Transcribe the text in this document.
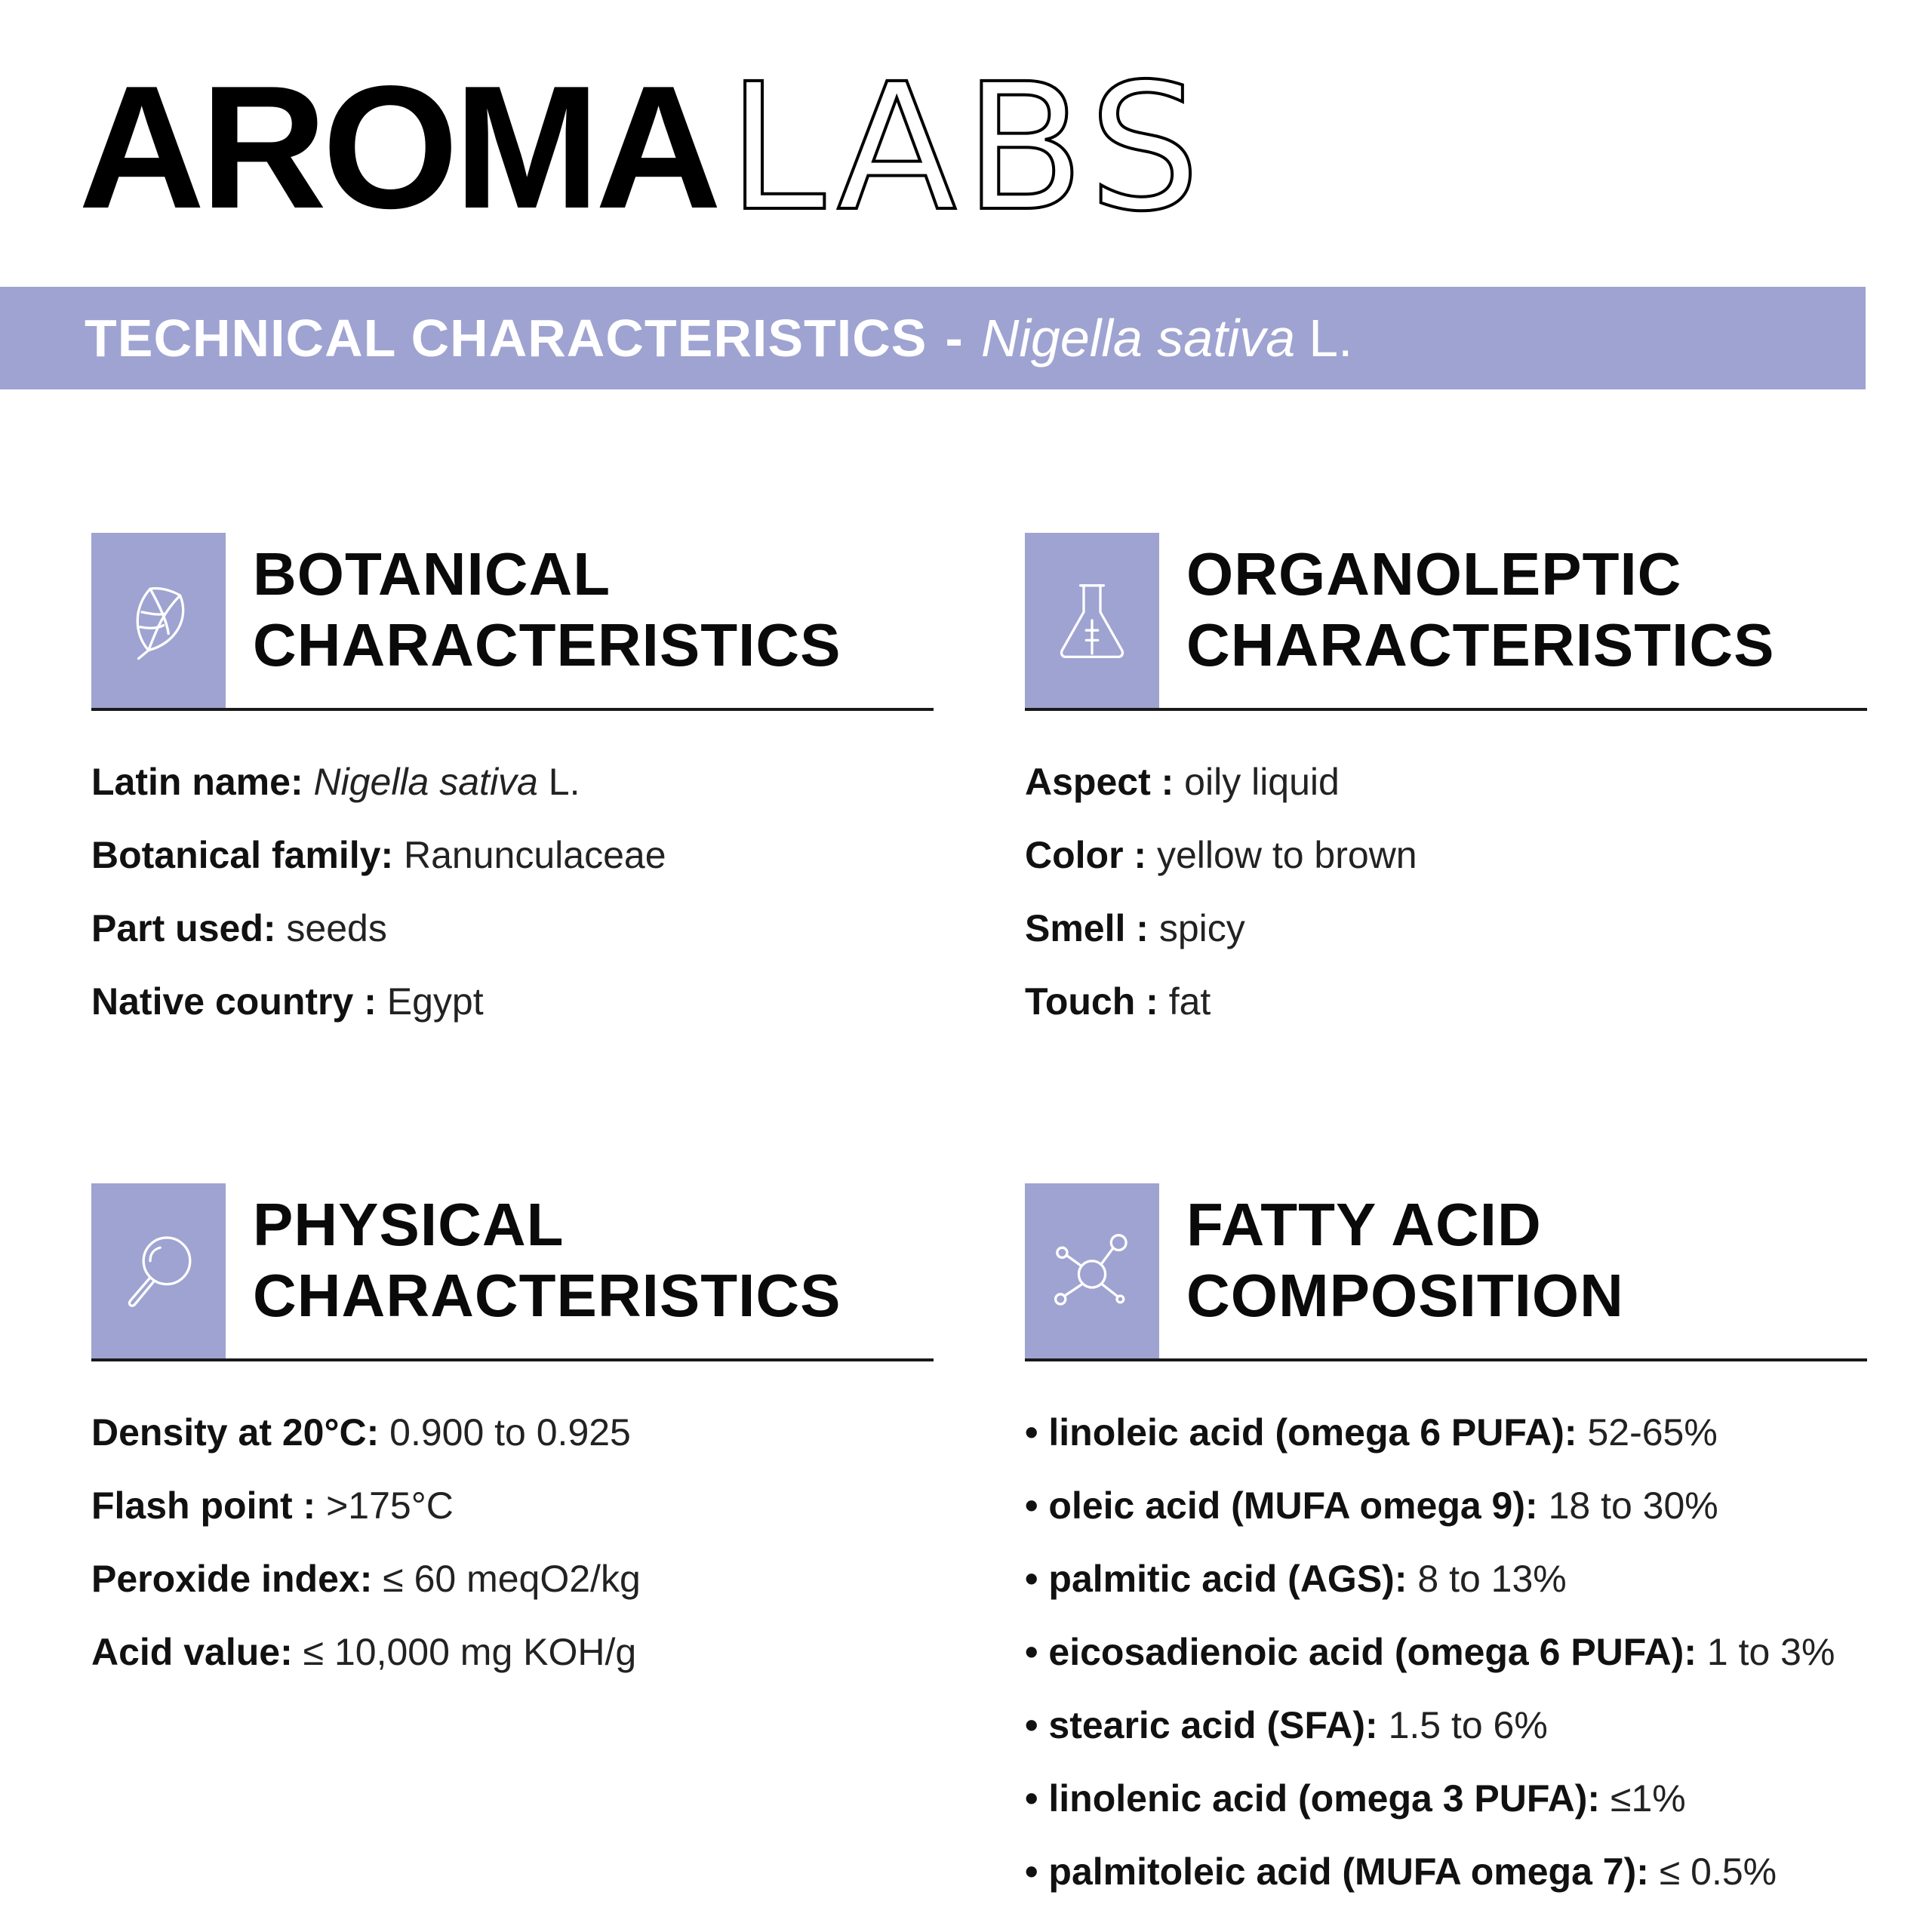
AROMA LABS
TECHNICAL CHARACTERISTICS - Nigella sativa L.
BOTANICAL
CHARACTERISTICS
Latin name: Nigella sativa L.
Botanical family: Ranunculaceae
Part used: seeds
Native country : Egypt
ORGANOLEPTIC
CHARACTERISTICS
Aspect : oily liquid
Color : yellow to brown
Smell : spicy
Touch : fat
PHYSICAL
CHARACTERISTICS
Density at 20°C: 0.900 to 0.925
Flash point : >175°C
Peroxide index: ≤ 60 meqO2/kg
Acid value: ≤ 10,000 mg KOH/g
FATTY ACID
COMPOSITION
• linoleic acid (omega 6 PUFA): 52-65%
• oleic acid (MUFA omega 9): 18 to 30%
• palmitic acid (AGS): 8 to 13%
• eicosadienoic acid (omega 6 PUFA): 1 to 3%
• stearic acid (SFA): 1.5 to 6%
• linolenic acid (omega 3 PUFA): ≤1%
• palmitoleic acid (MUFA omega 7): ≤ 0.5%
